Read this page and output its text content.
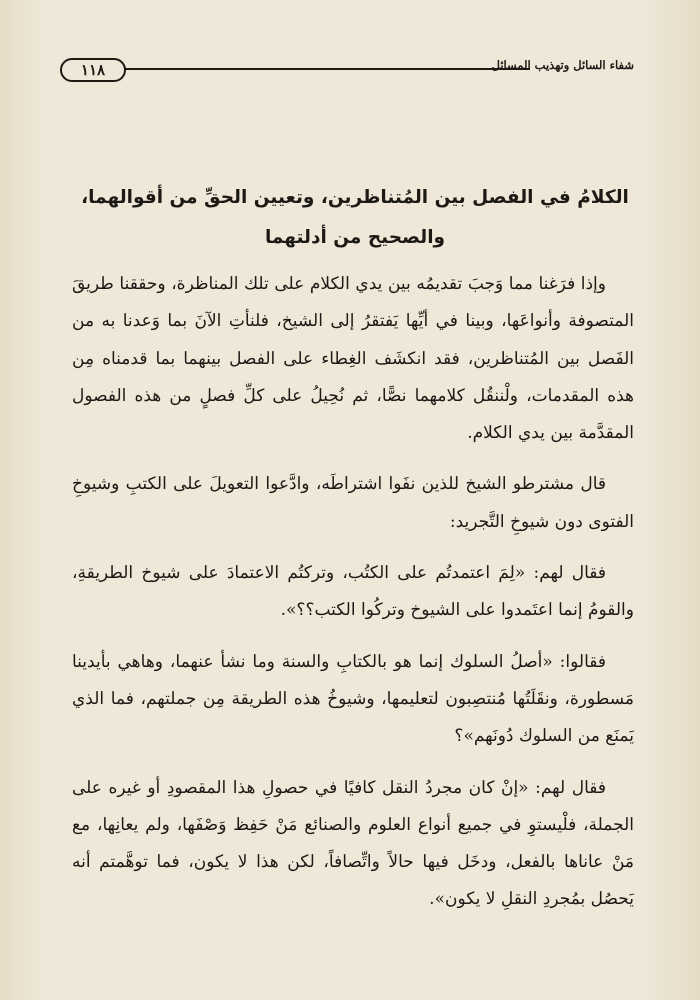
١١٨	شفاء السائل وتهذيب المسائل
الكلامُ في الفصل بين المُتناظرين، وتعيين الحقِّ من أقوالهما،
والصحيح من أدلتهما

وإذا فرَغنا مما وَجبَ تقديمُه بين يدي الكلام على تلك المناظرة، وحققنا طريقَ المتصوفة وأنواعَها، وبينا في أيِّها يَفتقرُ إلى الشيخ، فلنأتِ الآنَ بما وَعدنا به من الفَصل بين المُتناظرين، فقد انكشَف الغِطاء على الفصل بينهما بما قدمناه مِن هذه المقدمات، ولْننقُل كلامهما نصًّا، ثم نُحِيلُ على كلِّ فصلٍ من هذه الفصول المقدَّمة بين يدي الكلام.

قال مشترطو الشيخ للذين نفَوا اشتراطَه، وادَّعوا التعويلَ على الكتبِ وشيوخِ الفتوى دون شيوخِ التَّجريد:

فقال لهم: «لِمَ اعتمدتُم على الكتُب، وتركتُم الاعتمادَ على شيوخ الطريقةِ، والقومُ إنما اعتَمدوا على الشيوخ وتركُوا الكتب؟؟».

فقالوا: «أصلُ السلوك إنما هو بالكتابِ والسنة وما نشأ عنهما، وهاهي بأيدينا مَسطورة، ونقَلَتُها مُنتصِبون لتعليمها، وشيوخُ هذه الطريقة مِن جملتهم، فما الذي يَمنَع من السلوك دُونَهم»؟

فقال لهم: «إنْ كان مجردُ النقل كافيًا في حصولِ هذا المقصودِ أو غيره على الجملة، فلْيستوِ في جميع أنواع العلوم والصنائع مَنْ حَفِظ وَصْفَها، ولم يعانِها، مع مَنْ عاناها بالفعل، ودخَل فيها حالاً واتِّصافاً، لكن هذا لا يكون، فما توهَّمتم أنه يَحصُل بمُجردِ النقلِ لا يكون».
